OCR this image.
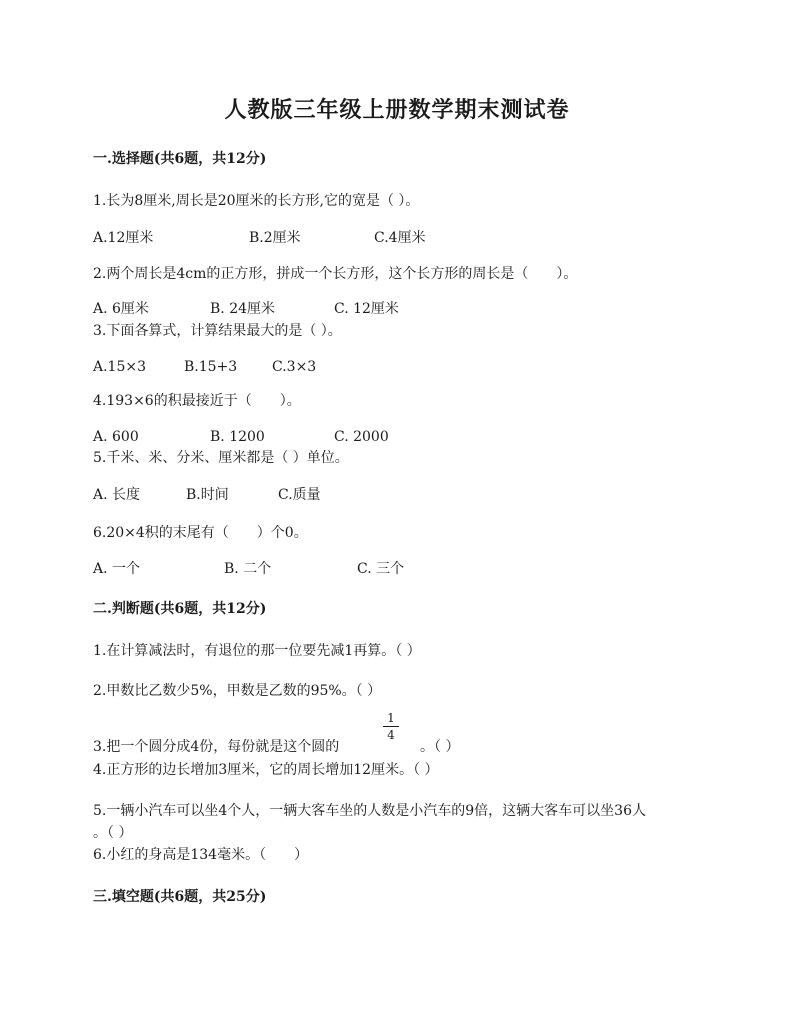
人教版三年级上册数学期末测试卷
一.选择题(共6题，共12分)
1.长为8厘米,周长是20厘米的长方形,它的宽是（ ）。
A.12厘米	B.2厘米	C.4厘米
2.两个周长是4cm的正方形，拼成一个长方形，这个长方形的周长是（　　）。
A. 6厘米	B. 24厘米	C. 12厘米
3.下面各算式，计算结果最大的是（ ）。
A.15×3	B.15+3 C.3×3
4.193×6的积最接近于（　　）。
A. 600	B. 1200	C. 2000
5.千米、米、分米、厘米都是（ ）单位。
A. 长度	B.时间	C.质量
6.20×4积的末尾有（　　）个0。
A. 一个	B. 二个	C. 三个
二.判断题(共6题，共12分)
1.在计算减法时，有退位的那一位要先减1再算。（ ）
2.甲数比乙数少5%，甲数是乙数的95%。（ ）
3.把一个圆分成4份，每份就是这个圆的
1
4
。（ ）
4.正方形的边长增加3厘米，它的周长增加12厘米。（ ）
5.一辆小汽车可以坐4个人，一辆大客车坐的人数是小汽车的9倍，这辆大客车可以坐36人
。（ ）
6.小红的身高是134毫米。（　　）
三.填空题(共6题，共25分)
